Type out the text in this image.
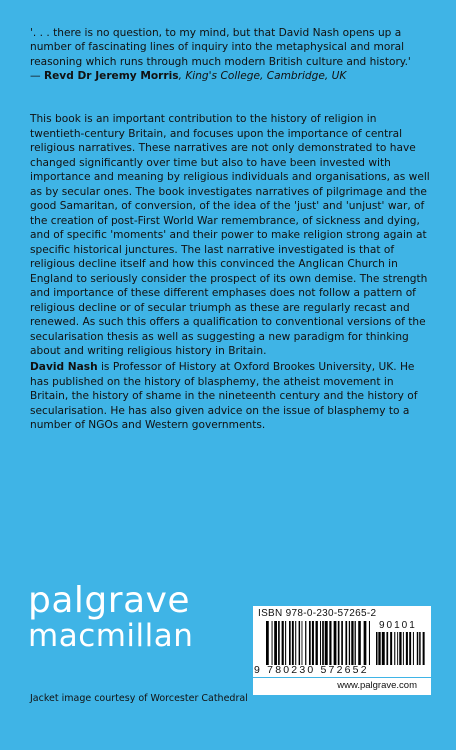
'. . . there is no question, to my mind, but that David Nash opens up a number of fascinating lines of inquiry into the metaphysical and moral reasoning which runs through much modern British culture and history.'
— Revd Dr Jeremy Morris, King's College, Cambridge, UK
This book is an important contribution to the history of religion in twentieth-century Britain, and focuses upon the importance of central religious narratives. These narratives are not only demonstrated to have changed significantly over time but also to have been invested with importance and meaning by religious individuals and organisations, as well as by secular ones. The book investigates narratives of pilgrimage and the good Samaritan, of conversion, of the idea of the 'just' and 'unjust' war, of the creation of post-First World War remembrance, of sickness and dying, and of specific 'moments' and their power to make religion strong again at specific historical junctures. The last narrative investigated is that of religious decline itself and how this convinced the Anglican Church in England to seriously consider the prospect of its own demise. The strength and importance of these different emphases does not follow a pattern of religious decline or of secular triumph as these are regularly recast and renewed. As such this offers a qualification to conventional versions of the secularisation thesis as well as suggesting a new paradigm for thinking about and writing religious history in Britain.
David Nash is Professor of History at Oxford Brookes University, UK. He has published on the history of blasphemy, the atheist movement in Britain, the history of shame in the nineteenth century and the history of secularisation. He has also given advice on the issue of blasphemy to a number of NGOs and Western governments.
palgrave
macmillan
Jacket image courtesy of Worcester Cathedral
ISBN 978-0-230-57265-2
9 780230 572652
90101
www.palgrave.com
